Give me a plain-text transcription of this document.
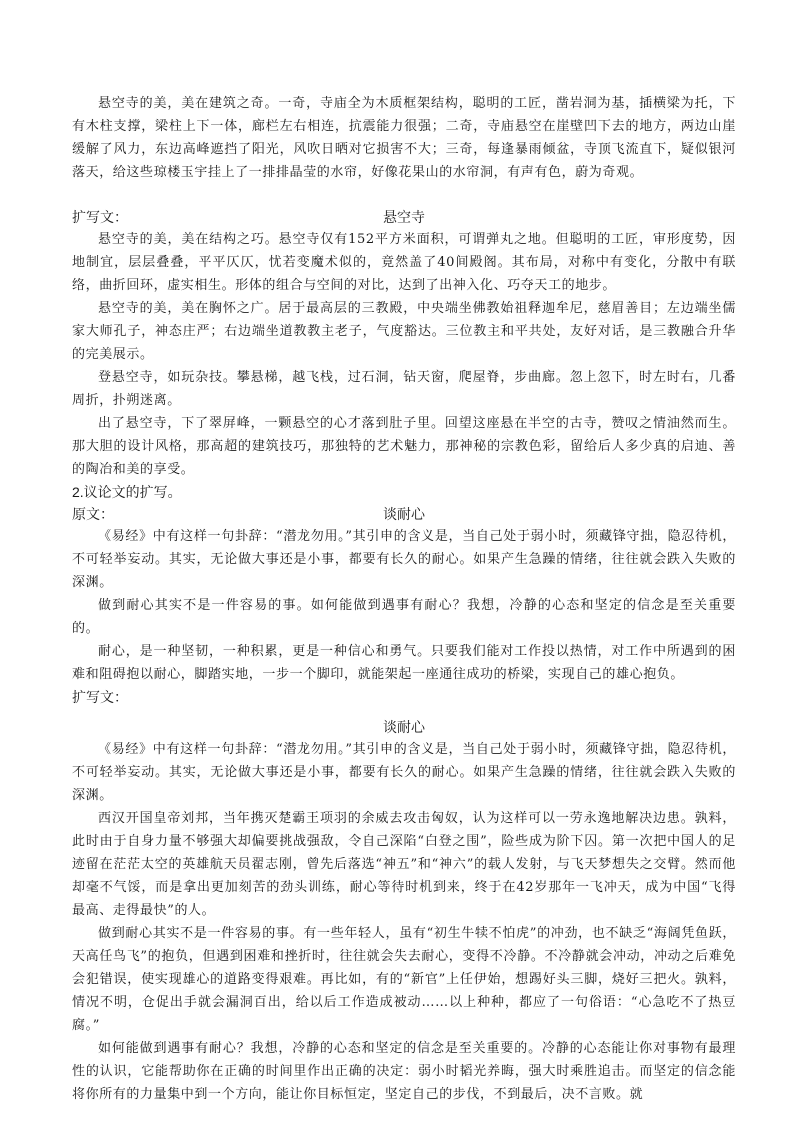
悬空寺的美，美在建筑之奇。一奇，寺庙全为木质框架结构，聪明的工匠，凿岩洞为基，插横梁为托，下有木柱支撑，梁柱上下一体，廊栏左右相连，抗震能力很强；二奇，寺庙悬空在崖壁凹下去的地方，两边山崖缓解了风力，东边高峰遮挡了阳光，风吹日晒对它损害不大；三奇，每逢暴雨倾盆，寺顶飞流直下，疑似银河落天，给这些琼楼玉宇挂上了一排排晶莹的水帘，好像花果山的水帘洞，有声有色，蔚为奇观。

扩写文：	悬空寺

悬空寺的美，美在结构之巧。悬空寺仅有152平方米面积，可谓弹丸之地。但聪明的工匠，审形度势，因地制宜，层层叠叠，平平仄仄，忧若变魔术似的，竟然盖了40间殿阁。其布局，对称中有变化，分散中有联络，曲折回环，虚实相生。形体的组合与空间的对比，达到了出神入化、巧夺天工的地步。

悬空寺的美，美在胸怀之广。居于最高层的三教殿，中央端坐佛教始祖释迦牟尼，慈眉善目；左边端坐儒家大师孔子，神态庄严；右边端坐道教教主老子，气度豁达。三位教主和平共处，友好对话，是三教融合升华的完美展示。

登悬空寺，如玩杂技。攀悬梯，越飞栈，过石洞，钻天窗，爬屋脊，步曲廊。忽上忽下，时左时右，几番周折，扑朔迷离。

出了悬空寺，下了翠屏峰，一颗悬空的心才落到肚子里。回望这座悬在半空的古寺，赞叹之情油然而生。那大胆的设计风格，那高超的建筑技巧，那独特的艺术魅力，那神秘的宗教色彩，留给后人多少真的启迪、善的陶冶和美的享受。

2.议论文的扩写。
原文：	谈耐心

《易经》中有这样一句卦辞：“潜龙勿用。”其引申的含义是，当自己处于弱小时，须藏锋守拙，隐忍待机，不可轻举妄动。其实，无论做大事还是小事，都要有长久的耐心。如果产生急躁的情绪，往往就会跌入失败的深渊。

做到耐心其实不是一件容易的事。如何能做到遇事有耐心？我想，冷静的心态和坚定的信念是至关重要的。

耐心，是一种坚韧，一种积累，更是一种信心和勇气。只要我们能对工作投以热情，对工作中所遇到的困难和阻碍抱以耐心，脚踏实地，一步一个脚印，就能架起一座通往成功的桥梁，实现自己的雄心抱负。

扩写文：
谈耐心

《易经》中有这样一句卦辞：“潜龙勿用。”其引申的含义是，当自己处于弱小时，须藏锋守拙，隐忍待机，不可轻举妄动。其实，无论做大事还是小事，都要有长久的耐心。如果产生急躁的情绪，往往就会跌入失败的深渊。

西汉开国皇帝刘邦，当年携灭楚霸王项羽的余威去攻击匈奴，认为这样可以一劳永逸地解决边患。孰料，此时由于自身力量不够强大却偏要挑战强敌，令自己深陷“白登之围”，险些成为阶下囚。第一次把中国人的足迹留在茫茫太空的英雄航天员翟志刚，曾先后落选“神五”和“神六”的载人发射，与飞天梦想失之交臂。然而他却毫不气馁，而是拿出更加刻苦的劲头训练，耐心等待时机到来，终于在42岁那年一飞冲天，成为中国“飞得最高、走得最快”的人。

做到耐心其实不是一件容易的事。有一些年轻人，虽有“初生牛犊不怕虎”的冲劲，也不缺乏“海阔凭鱼跃，天高任鸟飞”的抱负，但遇到困难和挫折时，往往就会失去耐心，变得不冷静。不冷静就会冲动，冲动之后难免会犯错误，使实现雄心的道路变得艰难。再比如，有的“新官”上任伊始，想踢好头三脚，烧好三把火。孰料，情况不明，仓促出手就会漏洞百出，给以后工作造成被动……以上种种，都应了一句俗语：“心急吃不了热豆腐。”

如何能做到遇事有耐心？我想，冷静的心态和坚定的信念是至关重要的。冷静的心态能让你对事物有最理性的认识，它能帮助你在正确的时间里作出正确的决定：弱小时韬光养晦，强大时乘胜追击。而坚定的信念能将你所有的力量集中到一个方向，能让你目标恒定，坚定自己的步伐，不到最后，决不言败。就
